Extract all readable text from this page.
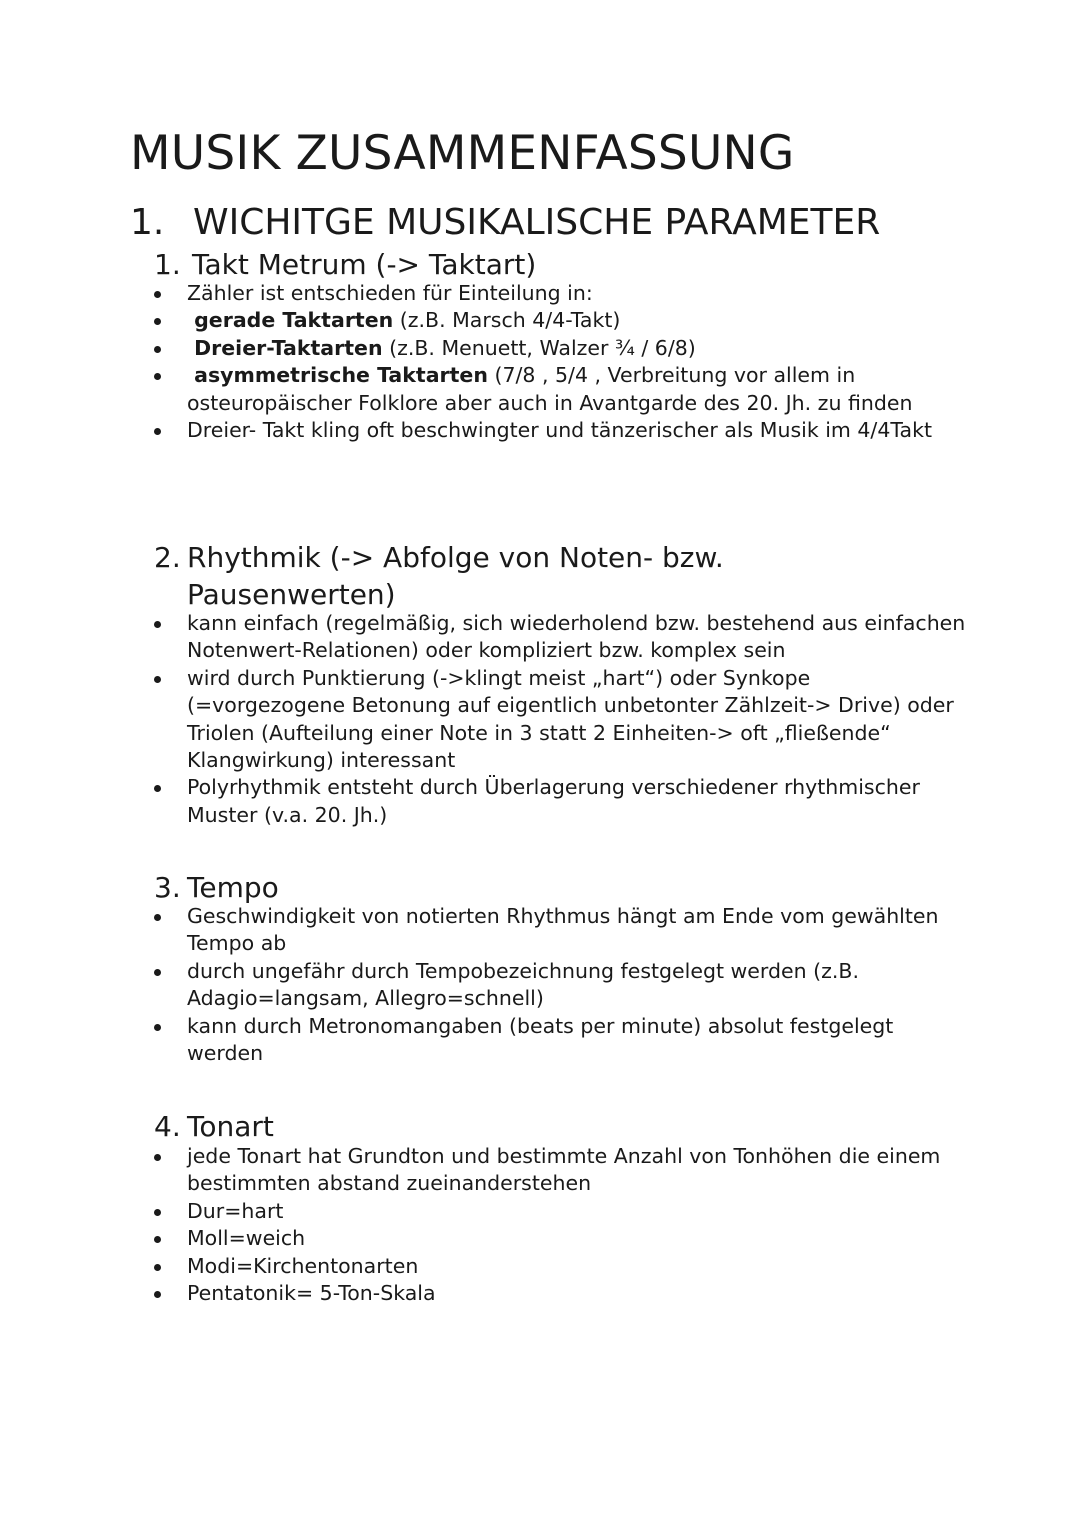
MUSIK ZUSAMMENFASSUNG
1. WICHITGE MUSIKALISCHE PARAMETER
1. Takt Metrum (-> Taktart)
Zähler ist entschieden für Einteilung in:
gerade Taktarten (z.B. Marsch 4/4-Takt)
Dreier-Taktarten (z.B. Menuett, Walzer ¾ / 6/8)
asymmetrische Taktarten (7/8 , 5/4 , Verbreitung vor allem in osteuropäischer Folklore aber auch in Avantgarde des 20. Jh. zu finden
Dreier- Takt kling oft beschwingter und tänzerischer als Musik im 4/4Takt
2. Rhythmik (-> Abfolge von Noten- bzw. Pausenwerten)
kann einfach (regelmäßig, sich wiederholend bzw. bestehend aus einfachen Notenwert-Relationen) oder kompliziert bzw. komplex sein
wird durch Punktierung (->klingt meist „hart“) oder Synkope (=vorgezogene Betonung auf eigentlich unbetonter Zählzeit-> Drive) oder Triolen (Aufteilung einer Note in 3 statt 2 Einheiten-> oft „fließende“ Klangwirkung) interessant
Polyrhythmik entsteht durch Überlagerung verschiedener rhythmischer Muster (v.a. 20. Jh.)
3. Tempo
Geschwindigkeit von notierten Rhythmus hängt am Ende vom gewählten Tempo ab
durch ungefähr durch Tempobezeichnung festgelegt werden (z.B. Adagio=langsam, Allegro=schnell)
kann durch Metronomangaben (beats per minute) absolut festgelegt werden
4. Tonart
jede Tonart hat Grundton und bestimmte Anzahl von Tonhöhen die einem bestimmten abstand zueinanderstehen
Dur=hart
Moll=weich
Modi=Kirchentonarten
Pentatonik= 5-Ton-Skala
